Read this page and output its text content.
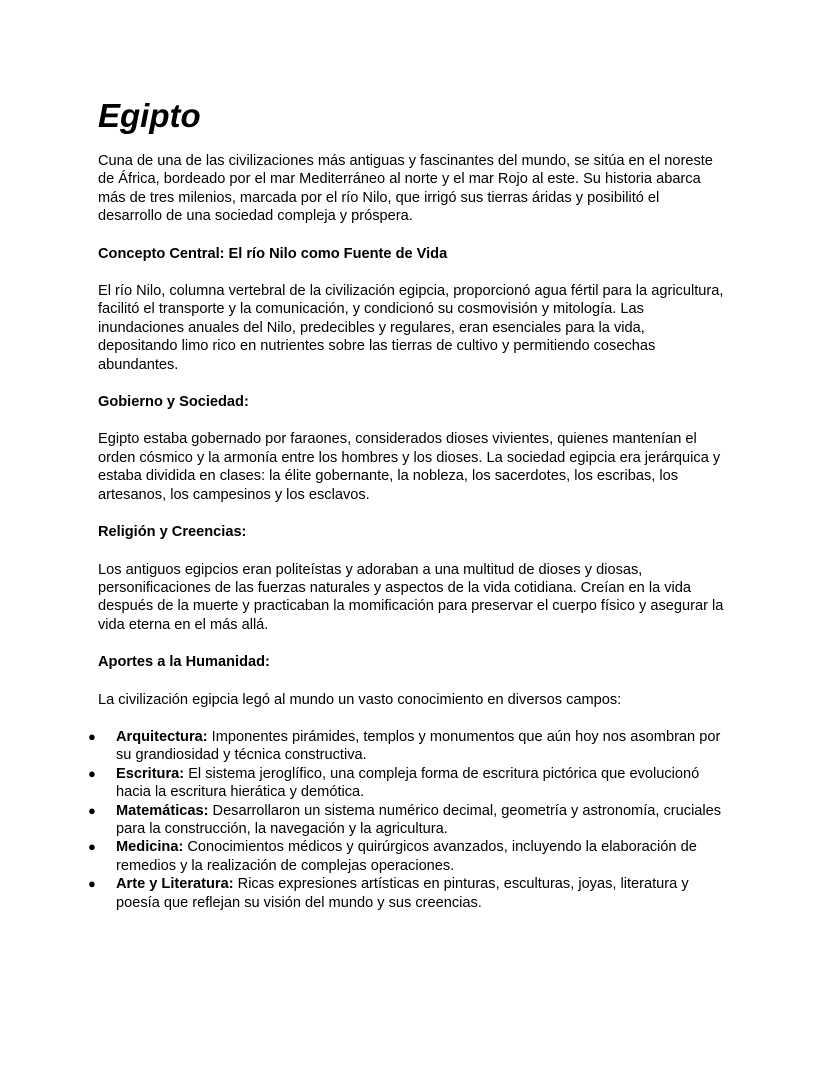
Egipto

Cuna de una de las civilizaciones más antiguas y fascinantes del mundo, se sitúa en el noreste de África, bordeado por el mar Mediterráneo al norte y el mar Rojo al este. Su historia abarca más de tres milenios, marcada por el río Nilo, que irrigó sus tierras áridas y posibilitó el desarrollo de una sociedad compleja y próspera.

Concepto Central: El río Nilo como Fuente de Vida

El río Nilo, columna vertebral de la civilización egipcia, proporcionó agua fértil para la agricultura, facilitó el transporte y la comunicación, y condicionó su cosmovisión y mitología. Las inundaciones anuales del Nilo, predecibles y regulares, eran esenciales para la vida, depositando limo rico en nutrientes sobre las tierras de cultivo y permitiendo cosechas abundantes.

Gobierno y Sociedad:

Egipto estaba gobernado por faraones, considerados dioses vivientes, quienes mantenían el orden cósmico y la armonía entre los hombres y los dioses. La sociedad egipcia era jerárquica y estaba dividida en clases: la élite gobernante, la nobleza, los sacerdotes, los escribas, los artesanos, los campesinos y los esclavos.

Religión y Creencias:

Los antiguos egipcios eran politeístas y adoraban a una multitud de dioses y diosas, personificaciones de las fuerzas naturales y aspectos de la vida cotidiana. Creían en la vida después de la muerte y practicaban la momificación para preservar el cuerpo físico y asegurar la vida eterna en el más allá.

Aportes a la Humanidad:

La civilización egipcia legó al mundo un vasto conocimiento en diversos campos:

● Arquitectura: Imponentes pirámides, templos y monumentos que aún hoy nos asombran por su grandiosidad y técnica constructiva.
● Escritura: El sistema jeroglífico, una compleja forma de escritura pictórica que evolucionó hacia la escritura hierática y demótica.
● Matemáticas: Desarrollaron un sistema numérico decimal, geometría y astronomía, cruciales para la construcción, la navegación y la agricultura.
● Medicina: Conocimientos médicos y quirúrgicos avanzados, incluyendo la elaboración de remedios y la realización de complejas operaciones.
● Arte y Literatura: Ricas expresiones artísticas en pinturas, esculturas, joyas, literatura y poesía que reflejan su visión del mundo y sus creencias.
